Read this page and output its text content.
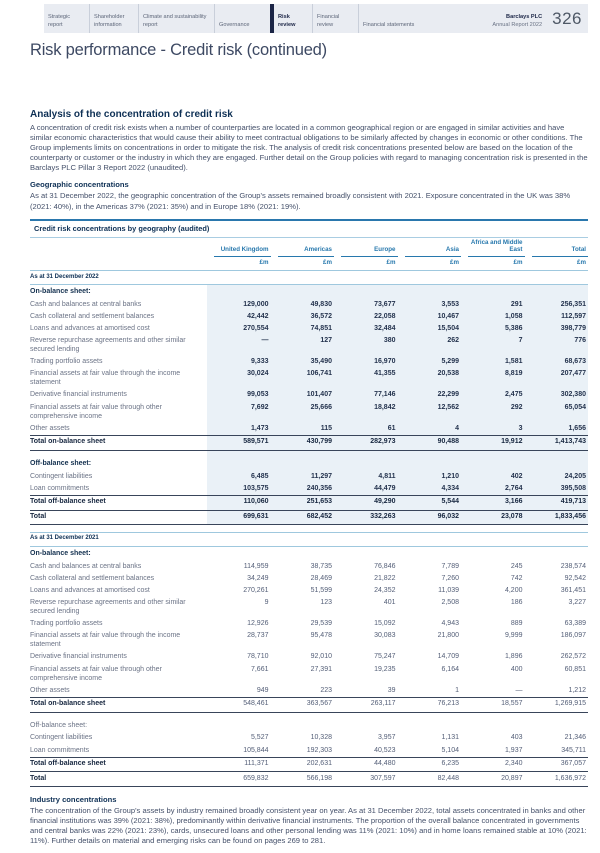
Strategic report
Shareholder information
Climate and sustainability report	Governance
Risk review
Financial review	Financial statements
Barclays PLC
Annual Report 2022 326
Risk performance - Credit risk (continued)
Analysis of the concentration of credit risk

A concentration of credit risk exists when a number of counterparties are located in a common geographical region or are engaged in similar activities and have similar economic characteristics that would cause their ability to meet contractual obligations to be similarly affected by changes in economic or other conditions. The Group implements limits on concentrations in order to mitigate the risk. The analysis of credit risk concentrations presented below are based on the location of the counterparty or customer or the industry in which they are engaged. Further detail on the Group policies with regard to managing concentration risk is presented in the Barclays PLC Pillar 3 Report 2022 (unaudited).

Geographic concentrations

As at 31 December 2022, the geographic concentration of the Group's assets remained broadly consistent with 2021. Exposure concentrated in the UK was 38% (2021: 40%), in the Americas 37% (2021: 35%) and in Europe 18% (2021: 19%).

Credit risk concentrations by geography (audited)
United Kingdom	Americas	Europe	Asia
Africa and Middle East	Total
£m	£m	£m	£m	£m	£m
As at 31 December 2022
On-balance sheet:
Cash and balances at central banks	129,000	49,830	73,677	3,553	291	256,351
Cash collateral and settlement balances	42,442	36,572	22,058	10,467	1,058	112,597
Loans and advances at amortised cost	270,554	74,851	32,484	15,504	5,386	398,779
Reverse repurchase agreements and other similar secured lending
—	127	380	262	7	776
Trading portfolio assets	9,333	35,490	16,970	5,299	1,581	68,673
Financial assets at fair value through the income statement
30,024	106,741	41,355	20,538	8,819	207,477
Derivative financial instruments	99,053	101,407	77,146	22,299	2,475	302,380
Financial assets at fair value through other comprehensive income
7,692	25,666	18,842	12,562	292	65,054
Other assets	1,473	115	61	4	3	1,656
Total on-balance sheet	589,571	430,799	282,973	90,488	19,912	1,413,743
Off-balance sheet:
Contingent liabilities	6,485	11,297	4,811	1,210	402	24,205
Loan commitments	103,575	240,356	44,479	4,334	2,764	395,508
Total off-balance sheet	110,060	251,653	49,290	5,544	3,166	419,713
Total	699,631	682,452	332,263	96,032	23,078	1,833,456
As at 31 December 2021
On-balance sheet:
Cash and balances at central banks	114,959	38,735	76,846	7,789	245	238,574
Cash collateral and settlement balances	34,249	28,469	21,822	7,260	742	92,542
Loans and advances at amortised cost	270,261	51,599	24,352	11,039	4,200	361,451
Reverse repurchase agreements and other similar secured lending
9	123	401	2,508	186	3,227
Trading portfolio assets	12,926	29,539	15,092	4,943	889	63,389
Financial assets at fair value through the income statement
28,737	95,478	30,083	21,800	9,999	186,097
Derivative financial instruments	78,710	92,010	75,247	14,709	1,896	262,572
Financial assets at fair value through other comprehensive income
7,661	27,391	19,235	6,164	400	60,851
Other assets	949	223	39	1	—	1,212
Total on-balance sheet	548,461	363,567	263,117	76,213	18,557	1,269,915
Off-balance sheet:
Contingent liabilities	5,527	10,328	3,957	1,131	403	21,346
Loan commitments	105,844	192,303	40,523	5,104	1,937	345,711
Total off-balance sheet	111,371	202,631	44,480	6,235	2,340	367,057
Total	659,832	566,198	307,597	82,448	20,897	1,636,972
Industry concentrations

The concentration of the Group's assets by industry remained broadly consistent year on year. As at 31 December 2022, total assets concentrated in banks and other financial institutions was 39% (2021: 38%), predominantly within derivative financial instruments. The proportion of the overall balance concentrated in governments and central banks was 22% (2021: 23%), cards, unsecured loans and other personal lending was 11% (2021: 10%) and in home loans remained stable at 10% (2021: 11%). Further details on material and emerging risks can be found on pages 269 to 281.
